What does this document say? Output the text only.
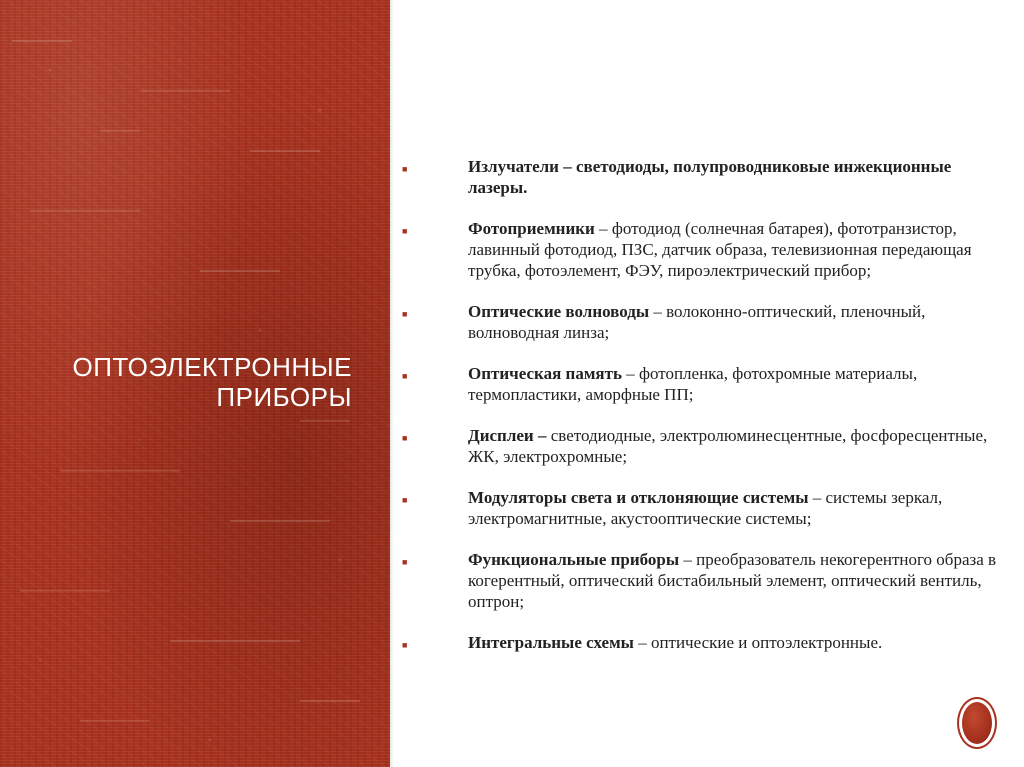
ОПТОЭЛЕКТРОННЫЕ
ПРИБОРЫ
■	Излучатели – светодиоды, полупроводниковые инжекционные лазеры.
■	Фотоприемники – фотодиод (солнечная батарея), фототранзистор, лавинный фотодиод, ПЗС, датчик образа, телевизионная передающая трубка, фотоэлемент, ФЭУ, пироэлектрический прибор;
■	Оптические волноводы – волоконно-оптический, пленочный, волноводная линза;
■	Оптическая память – фотопленка, фотохромные материалы, термопластики, аморфные ПП;
■	Дисплеи – светодиодные, электролюминесцентные, фосфоресцентные, ЖК, электрохромные;
■	Модуляторы света и отклоняющие системы – системы зеркал, электромагнитные, акустооптические системы;
■	Функциональные приборы – преобразователь некогерентного образа в когерентный, оптический бистабильный элемент, оптический вентиль, оптрон;
■	Интегральные схемы – оптические и оптоэлектронные.
